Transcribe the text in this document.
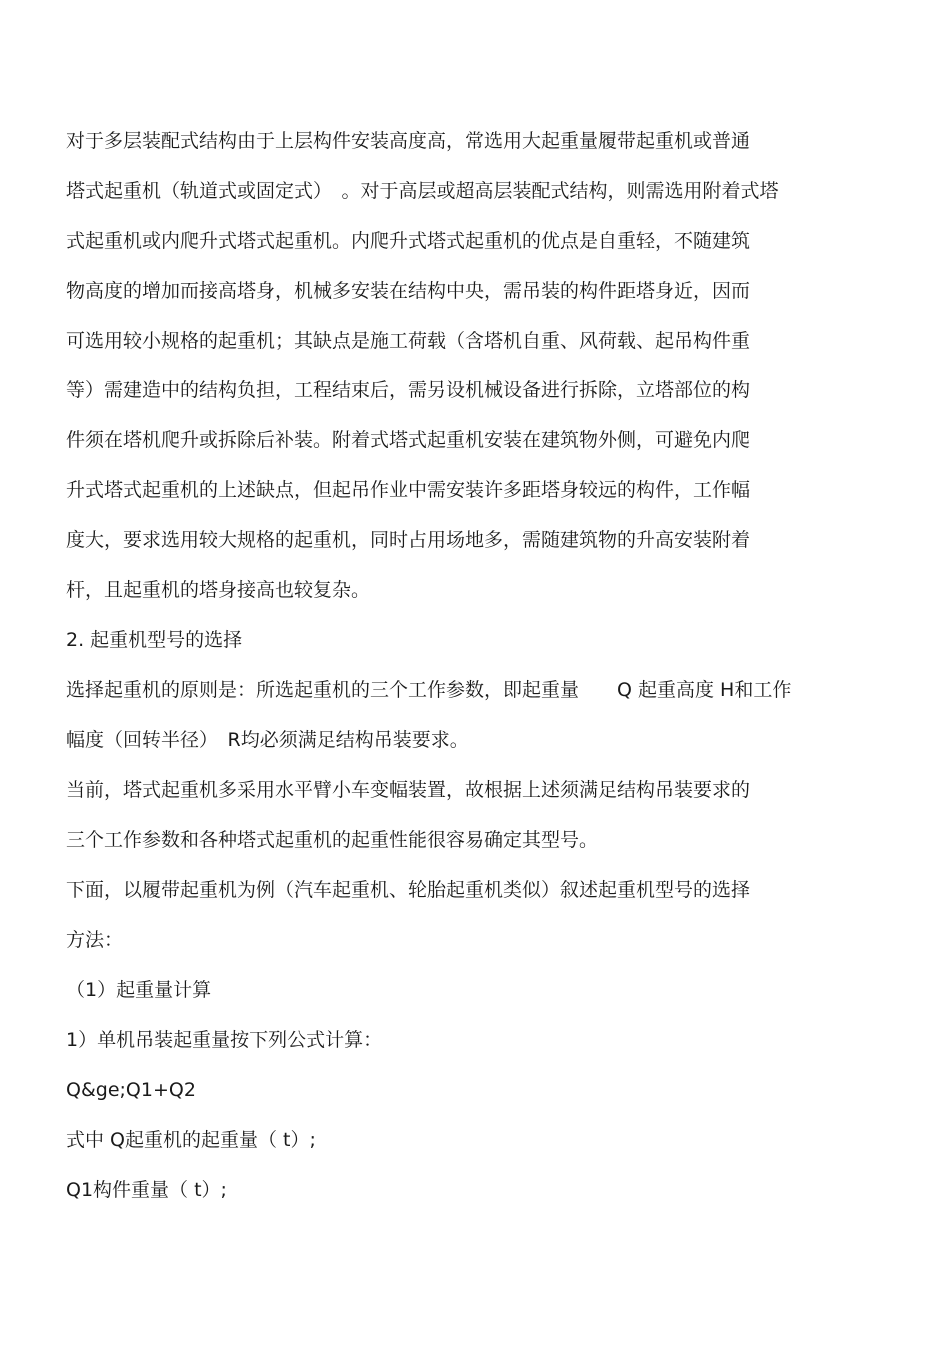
对于多层装配式结构由于上层构件安装高度高，常选用大起重量履带起重机或普通
塔式起重机（轨道式或固定式）　。对于高层或超高层装配式结构，则需选用附着式塔
式起重机或内爬升式塔式起重机。内爬升式塔式起重机的优点是自重轻，不随建筑
物高度的增加而接高塔身，机械多安装在结构中央，需吊装的构件距塔身近，因而
可选用较小规格的起重机；其缺点是施工荷载（含塔机自重、风荷载、起吊构件重
等）需建造中的结构负担，工程结束后，需另设机械设备进行拆除，立塔部位的构
件须在塔机爬升或拆除后补装。附着式塔式起重机安装在建筑物外侧，可避免内爬
升式塔式起重机的上述缺点，但起吊作业中需安装许多距塔身较远的构件，工作幅
度大，要求选用较大规格的起重机，同时占用场地多，需随建筑物的升高安装附着
杆，且起重机的塔身接高也较复杂。
2. 起重机型号的选择
选择起重机的原则是：所选起重机的三个工作参数，即起重量　　Q 起重高度 H和工作
幅度（回转半径）　R均必须满足结构吊装要求。
当前，塔式起重机多采用水平臂小车变幅装置，故根据上述须满足结构吊装要求的
三个工作参数和各种塔式起重机的起重性能很容易确定其型号。
下面，以履带起重机为例（汽车起重机、轮胎起重机类似）叙述起重机型号的选择
方法：
（1）起重量计算
1）单机吊装起重量按下列公式计算：
Q&ge;Q1+Q2
式中 Q起重机的起重量（ t）;
Q1构件重量（ t）;
